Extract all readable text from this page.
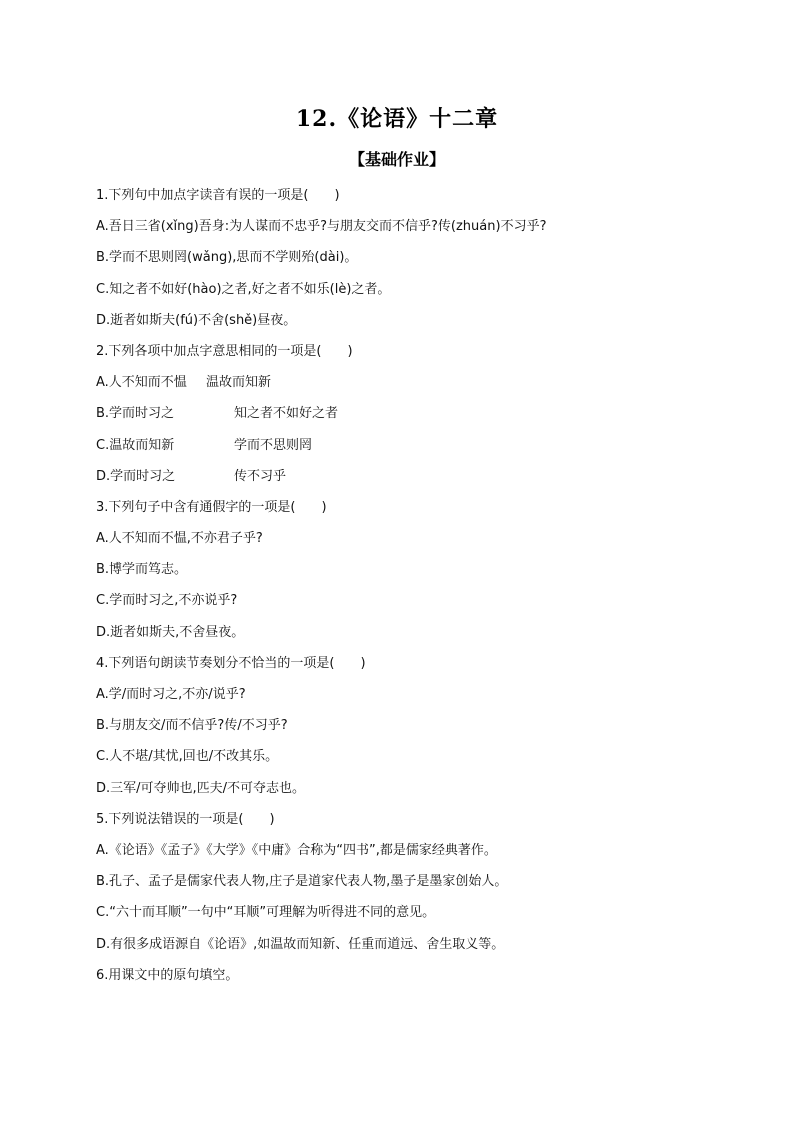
12.《论语》十二章
【基础作业】
1.下列句中加点字读音有误的一项是(　　)
A.吾日三省(xǐng)吾身:为人谋而不忠乎?与朋友交而不信乎?传(zhuán)不习乎?
B.学而不思则罔(wǎng),思而不学则殆(dài)。
C.知之者不如好(hào)之者,好之者不如乐(lè)之者。
D.逝者如斯夫(fú)不舍(shě)昼夜。
2.下列各项中加点字意思相同的一项是(　　)
A.人不知而不愠 温故而知新
B.学而时习之	知之者不如好之者
C.温故而知新	学而不思则罔
D.学而时习之	传不习乎
3.下列句子中含有通假字的一项是(　　)
A.人不知而不愠,不亦君子乎?
B.博学而笃志。
C.学而时习之,不亦说乎?
D.逝者如斯夫,不舍昼夜。
4.下列语句朗读节奏划分不恰当的一项是(　　)
A.学/而时习之,不亦/说乎?
B.与朋友交/而不信乎?传/不习乎?
C.人不堪/其忧,回也/不改其乐。
D.三军/可夺帅也,匹夫/不可夺志也。
5.下列说法错误的一项是(　　)
A.《论语》《孟子》《大学》《中庸》合称为“四书”,都是儒家经典著作。
B.孔子、孟子是儒家代表人物,庄子是道家代表人物,墨子是墨家创始人。
C.“六十而耳顺”一句中“耳顺”可理解为听得进不同的意见。
D.有很多成语源自《论语》,如温故而知新、任重而道远、舍生取义等。
6.用课文中的原句填空。
